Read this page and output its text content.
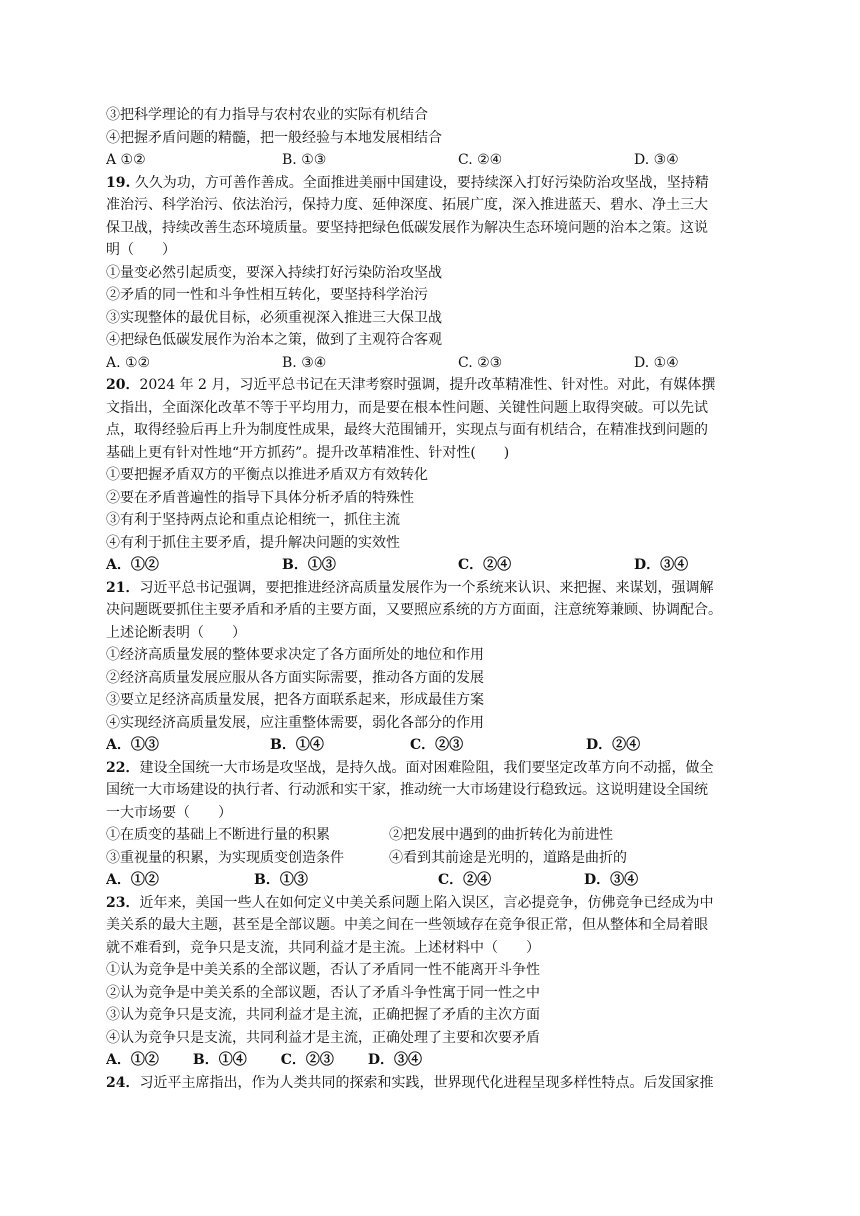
③把科学理论的有力指导与农村农业的实际有机结合
④把握矛盾问题的精髓，把一般经验与本地发展相结合
A ①②	B. ①③	C. ②④	D. ③④
19. 久久为功，方可善作善成。全面推进美丽中国建设，要持续深入打好污染防治攻坚战，坚持精
准治污、科学治污、依法治污，保持力度、延伸深度、拓展广度，深入推进蓝天、碧水、净土三大
保卫战，持续改善生态环境质量。要坚持把绿色低碳发展作为解决生态环境问题的治本之策。这说
明（　　）
①量变必然引起质变，要深入持续打好污染防治攻坚战
②矛盾的同一性和斗争性相互转化，要坚持科学治污
③实现整体的最优目标，必须重视深入推进三大保卫战
④把绿色低碳发展作为治本之策，做到了主观符合客观
A. ①②	B. ③④	C. ②③	D. ①④
20．2024 年 2 月，习近平总书记在天津考察时强调，提升改革精准性、针对性。对此，有媒体撰
文指出，全面深化改革不等于平均用力，而是要在根本性问题、关键性问题上取得突破。可以先试
点，取得经验后再上升为制度性成果，最终大范围铺开，实现点与面有机结合，在精准找到问题的
基础上更有针对性地“开方抓药”。提升改革精准性、针对性(　　)
①要把握矛盾双方的平衡点以推进矛盾双方有效转化
②要在矛盾普遍性的指导下具体分析矛盾的特殊性
③有利于坚持两点论和重点论相统一，抓住主流
④有利于抓住主要矛盾，提升解决问题的实效性
A．①②	B．①③	C．②④	D．③④
21．习近平总书记强调，要把推进经济高质量发展作为一个系统来认识、来把握、来谋划，强调解
决问题既要抓住主要矛盾和矛盾的主要方面，又要照应系统的方方面面，注意统筹兼顾、协调配合。
上述论断表明（　　）
①经济高质量发展的整体要求决定了各方面所处的地位和作用
②经济高质量发展应服从各方面实际需要，推动各方面的发展
③要立足经济高质量发展，把各方面联系起来，形成最佳方案
④实现经济高质量发展，应注重整体需要，弱化各部分的作用
A．①③	B．①④	C．②③	D．②④
22．建设全国统一大市场是攻坚战，是持久战。面对困难险阻，我们要坚定改革方向不动摇，做全
国统一大市场建设的执行者、行动派和实干家，推动统一大市场建设行稳致远。这说明建设全国统
一大市场要（　　）
①在质变的基础上不断进行量的积累	②把发展中遇到的曲折转化为前进性
③重视量的积累，为实现质变创造条件	④看到其前途是光明的，道路是曲折的
A．①②	B．①③	C．②④	D．③④
23．近年来，美国一些人在如何定义中美关系问题上陷入误区，言必提竞争，仿佛竞争已经成为中
美关系的最大主题，甚至是全部议题。中美之间在一些领域存在竞争很正常，但从整体和全局着眼
就不难看到，竞争只是支流，共同利益才是主流。上述材料中（　　）
①认为竞争是中美关系的全部议题，否认了矛盾同一性不能离开斗争性
②认为竞争是中美关系的全部议题，否认了矛盾斗争性寓于同一性之中
③认为竞争只是支流，共同利益才是主流，正确把握了矛盾的主次方面
④认为竞争只是支流，共同利益才是主流，正确处理了主要和次要矛盾
A．①② B．①④ C．②③ D．③④
24．习近平主席指出，作为人类共同的探索和实践，世界现代化进程呈现多样性特点。后发国家推
